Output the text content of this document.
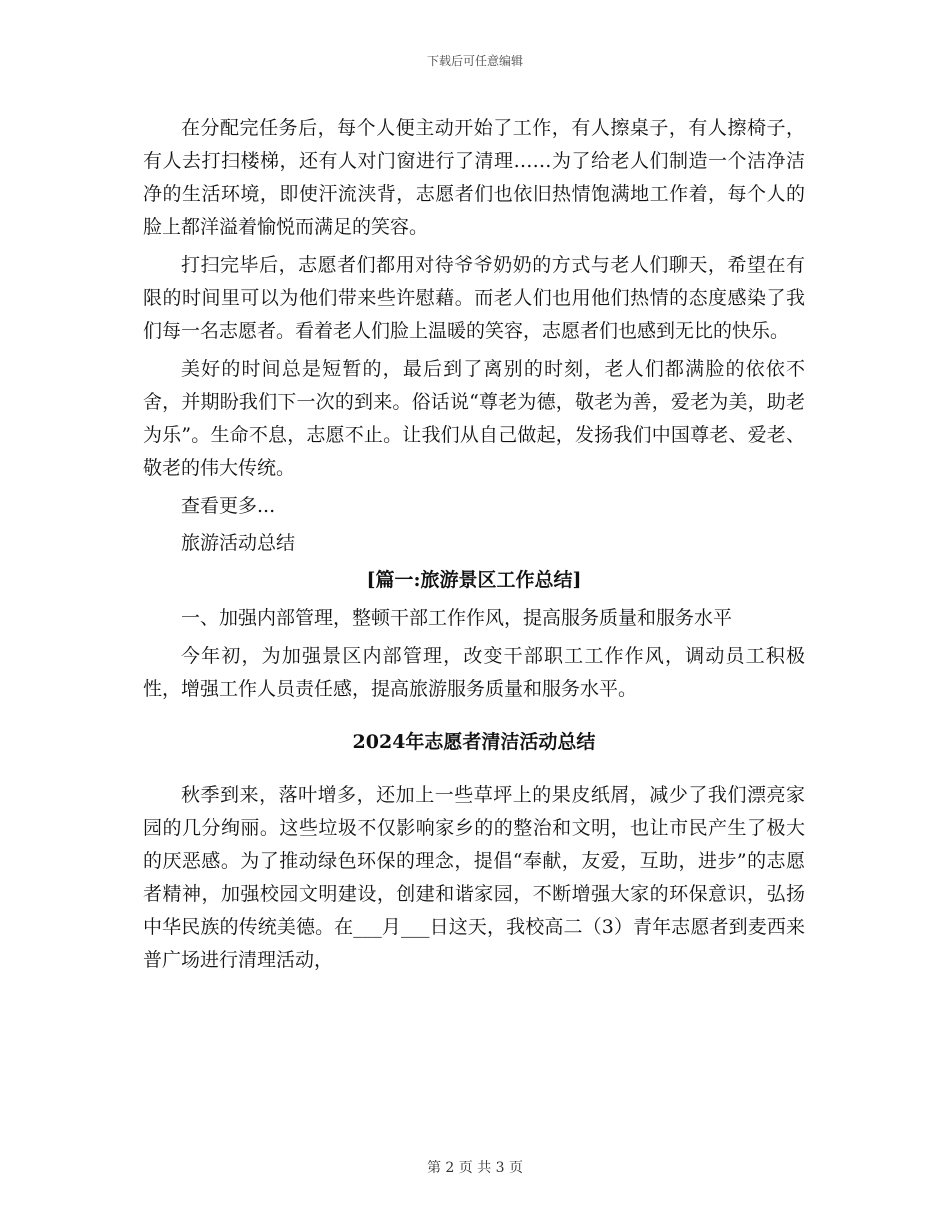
下载后可任意编辑

在分配完任务后，每个人便主动开始了工作，有人擦桌子，有人擦椅子，有人去打扫楼梯，还有人对门窗进行了清理……为了给老人们制造一个洁净洁净的生活环境，即使汗流浃背，志愿者们也依旧热情饱满地工作着，每个人的脸上都洋溢着愉悦而满足的笑容。

打扫完毕后，志愿者们都用对待爷爷奶奶的方式与老人们聊天，希望在有限的时间里可以为他们带来些许慰藉。而老人们也用他们热情的态度感染了我们每一名志愿者。看着老人们脸上温暖的笑容，志愿者们也感到无比的快乐。

美好的时间总是短暂的，最后到了离别的时刻，老人们都满脸的依依不舍，并期盼我们下一次的到来。俗话说“尊老为德，敬老为善，爱老为美，助老为乐”。生命不息，志愿不止。让我们从自己做起，发扬我们中国尊老、爱老、敬老的伟大传统。

查看更多...

旅游活动总结

[篇一:旅游景区工作总结]

一、加强内部管理，整顿干部工作作风，提高服务质量和服务水平

今年初，为加强景区内部管理，改变干部职工工作作风，调动员工积极性，增强工作人员责任感，提高旅游服务质量和服务水平。

2024年志愿者清洁活动总结

秋季到来，落叶增多，还加上一些草坪上的果皮纸屑，减少了我们漂亮家园的几分绚丽。这些垃圾不仅影响家乡的的整治和文明，也让市民产生了极大的厌恶感。为了推动绿色环保的理念，提倡“奉献，友爱，互助，进步”的志愿者精神，加强校园文明建设，创建和谐家园，不断增强大家的环保意识，弘扬中华民族的传统美德。在___月___日这天，我校高二（3）青年志愿者到麦西来普广场进行清理活动，

第 2 页 共 3 页
